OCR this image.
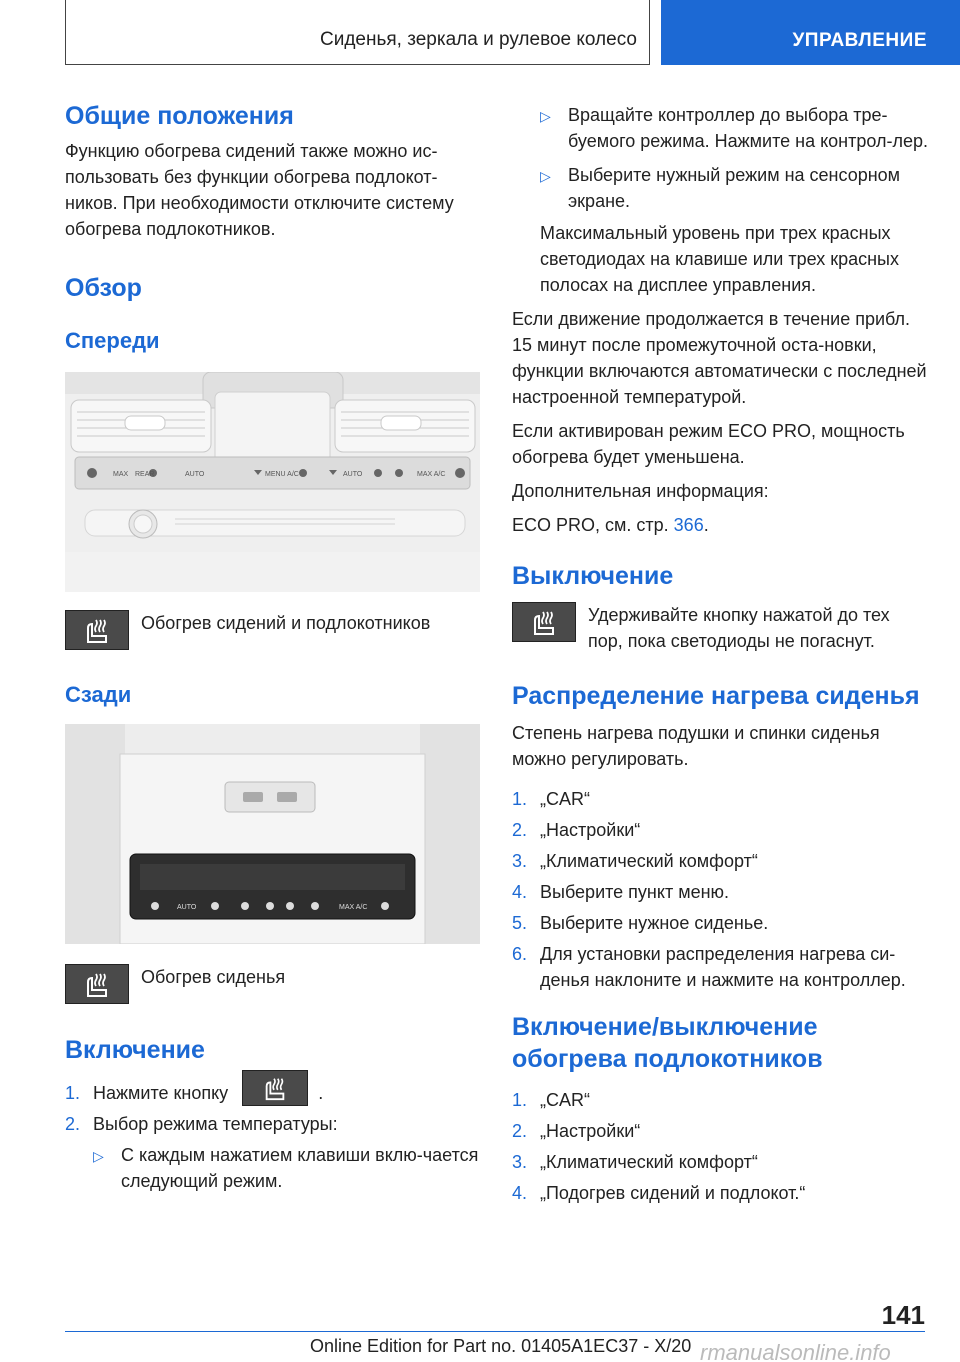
Сиденья, зеркала и рулевое колесо	УПРАВЛЕНИЕ
Общие положения

Функцию обогрева сидений также можно ис-пользовать без функции обогрева подлокот-ников. При необходимости отключите систему обогрева подлокотников.

Обзор
Спереди
MAX REAR	AUTO	MENU A/C	AUTO	MAX A/C

Обогрев сидений и подлокотников

Сзади
AUTO	MAX A/C

Обогрев сиденья

Включение
1. Нажмите кнопку	.
2. Выбор режима температуры:
▷ С каждым нажатием клавиши вклю-чается следующий режим.
▷ Вращайте контроллер до выбора тре-буемого режима. Нажмите на контрол-лер.
▷ Выберите нужный режим на сенсорном экране.

Максимальный уровень при трех красных светодиодах на клавише или трех красных полосах на дисплее управления.

Если движение продолжается в течение прибл. 15 минут после промежуточной оста-новки, функции включаются автоматически с последней настроенной температурой.

Если активирован режим ECO PRO, мощность обогрева будет уменьшена.

Дополнительная информация:

ECO PRO, см. стр. 366.

Выключение

Удерживайте кнопку нажатой до тех пор, пока светодиоды не погаснут.

Распределение нагрева сиденья

Степень нагрева подушки и спинки сиденья можно регулировать.

1. „CAR“
2. „Настройки“
3. „Климатический комфорт“
4. Выберите пункт меню.
5. Выберите нужное сиденье.
6. Для установки распределения нагрева си-денья наклоните и нажмите на контроллер.
Включение/выключение обогрева подлокотников
1. „CAR“
2. „Настройки“
3. „Климатический комфорт“
4. „Подогрев сидений и подлокот.“
141
Online Edition for Part no. 01405A1EC37 - X/20 rmanualsonline.info
